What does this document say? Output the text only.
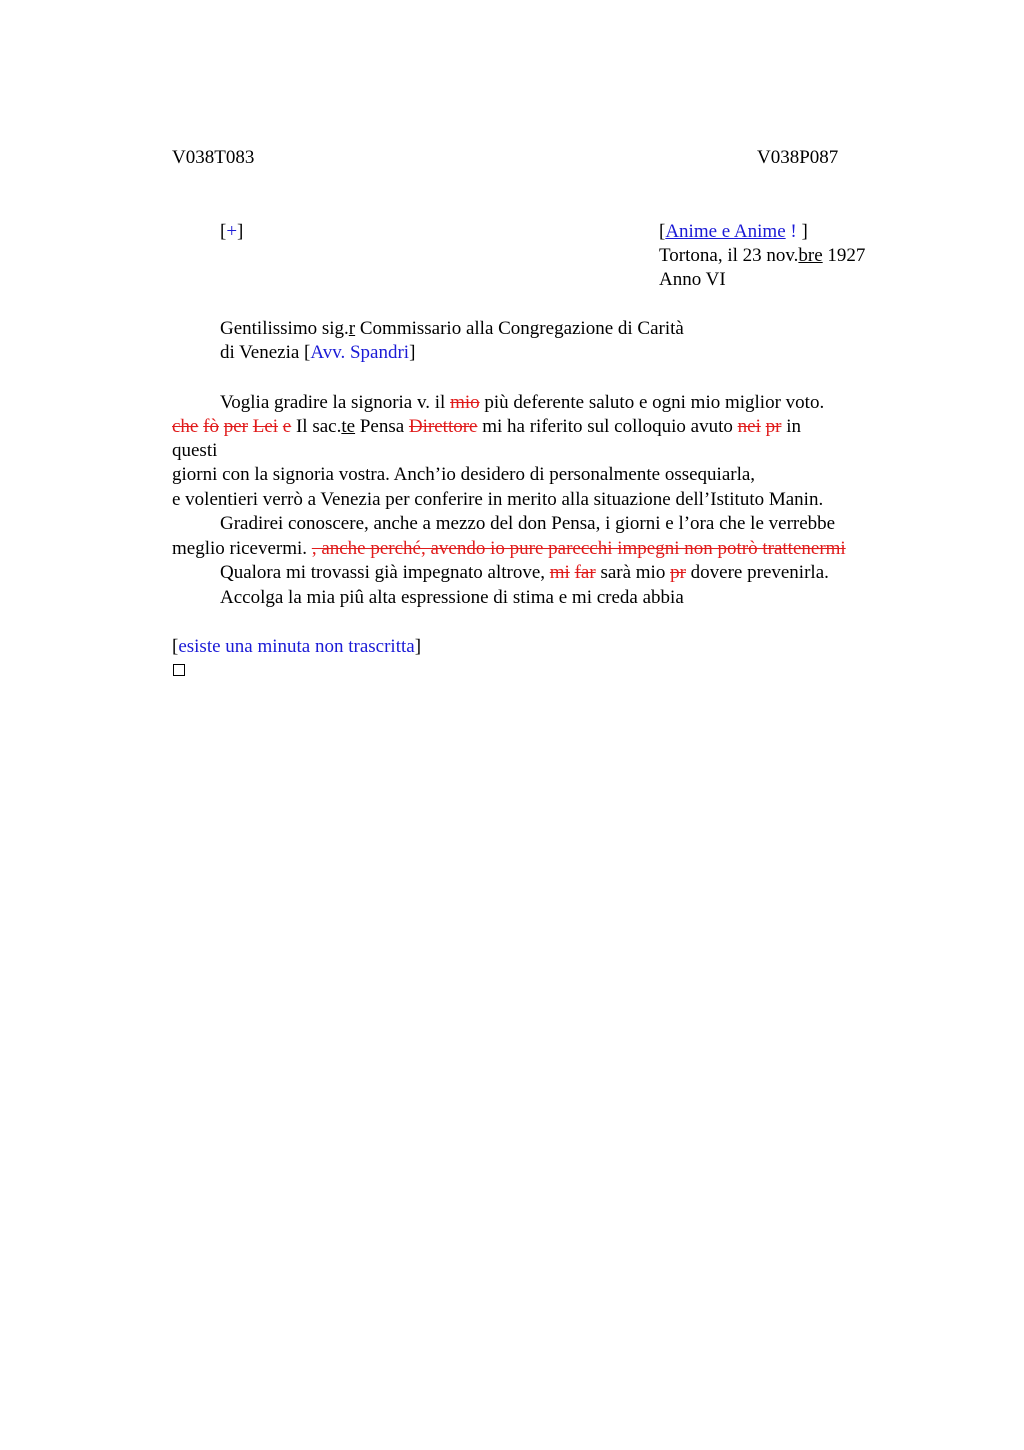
V038T083	V038P087
[+]	[Anime e Anime ! ]
Tortona, il 23 nov.bre 1927
Anno VI
Gentilissimo sig.r Commissario alla Congregazione di Carità
di Venezia [Avv. Spandri]
Voglia gradire la signoria v. il mio più deferente saluto e ogni mio miglior voto.
che fò per Lei e Il sac.te Pensa Direttore mi ha riferito sul colloquio avuto nei pr in
questi
giorni con la signoria vostra. Anch’io desidero di personalmente ossequiarla,
e volentieri verrò a Venezia per conferire in merito alla situazione dell’Istituto Manin.
Gradirei conoscere, anche a mezzo del don Pensa, i giorni e l’ora che le verrebbe
meglio ricevermi. , anche perché, avendo io pure parecchi impegni non potrò trattenermi
Qualora mi trovassi già impegnato altrove, mi far sarà mio pr dovere prevenirla.
Accolga la mia piû alta espressione di stima e mi creda abbia
[esiste una minuta non trascritta]
